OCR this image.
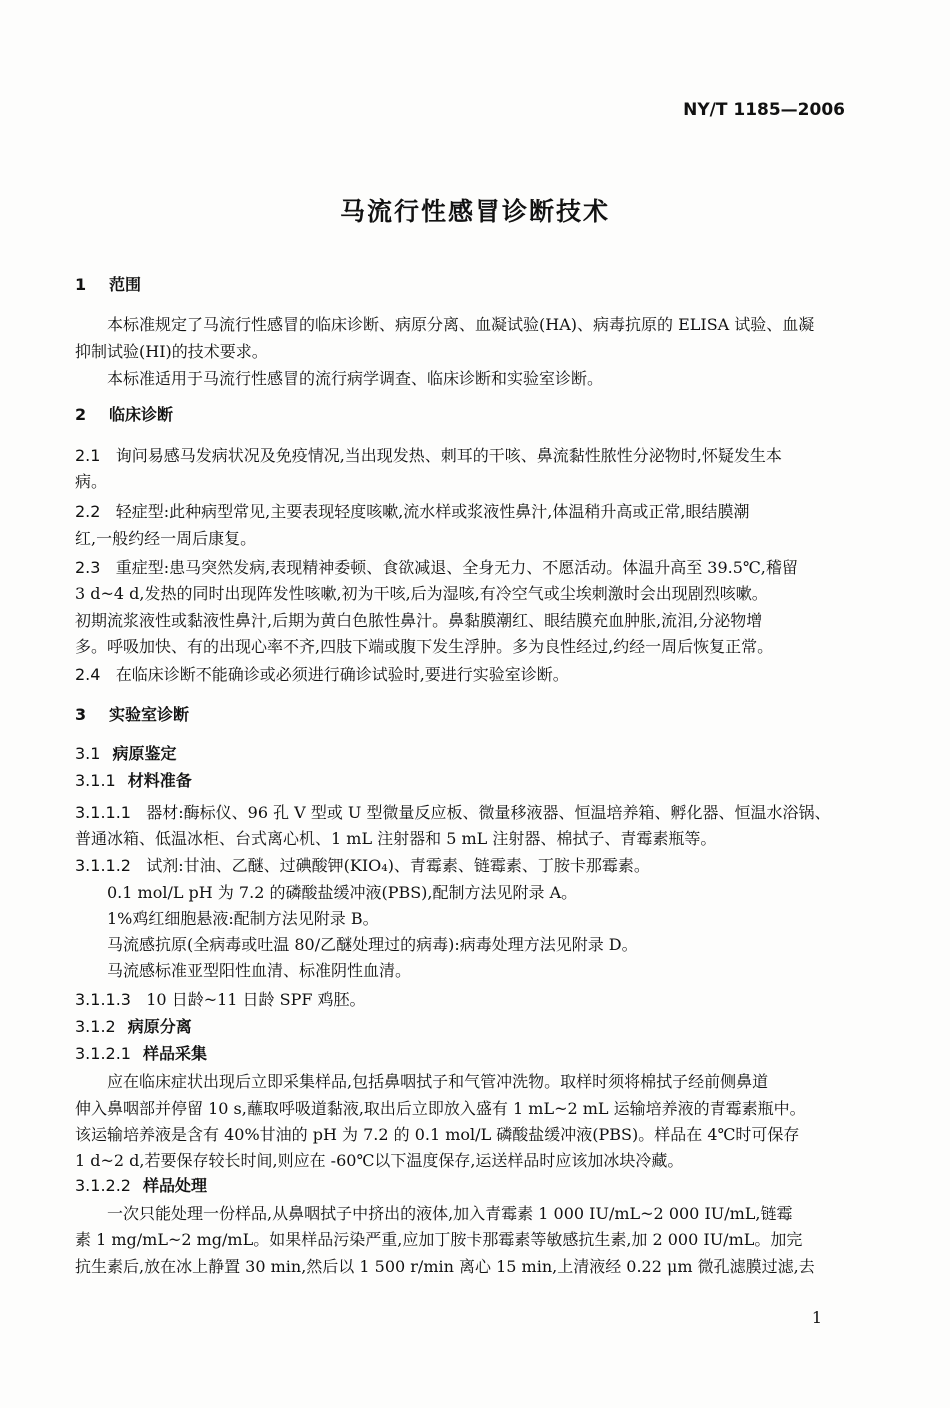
NY/T 1185—2006
马流行性感冒诊断技术
1 范围
本标准规定了马流行性感冒的临床诊断、病原分离、血凝试验(HA)、病毒抗原的 ELISA 试验、血凝
抑制试验(HI)的技术要求。
本标准适用于马流行性感冒的流行病学调查、临床诊断和实验室诊断。
2 临床诊断
2.1 询问易感马发病状况及免疫情况,当出现发热、刺耳的干咳、鼻流黏性脓性分泌物时,怀疑发生本
病。
2.2 轻症型:此种病型常见,主要表现轻度咳嗽,流水样或浆液性鼻汁,体温稍升高或正常,眼结膜潮
红,一般约经一周后康复。
2.3 重症型:患马突然发病,表现精神委顿、食欲减退、全身无力、不愿活动。体温升高至 39.5℃,稽留
3 d~4 d,发热的同时出现阵发性咳嗽,初为干咳,后为湿咳,有冷空气或尘埃刺激时会出现剧烈咳嗽。
初期流浆液性或黏液性鼻汁,后期为黄白色脓性鼻汁。鼻黏膜潮红、眼结膜充血肿胀,流泪,分泌物增
多。呼吸加快、有的出现心率不齐,四肢下端或腹下发生浮肿。多为良性经过,约经一周后恢复正常。
2.4 在临床诊断不能确诊或必须进行确诊试验时,要进行实验室诊断。
3 实验室诊断
3.1 病原鉴定
3.1.1 材料准备
3.1.1.1 器材:酶标仪、96 孔 V 型或 U 型微量反应板、微量移液器、恒温培养箱、孵化器、恒温水浴锅、
普通冰箱、低温冰柜、台式离心机、1 mL 注射器和 5 mL 注射器、棉拭子、青霉素瓶等。
3.1.1.2 试剂:甘油、乙醚、过碘酸钾(KIO₄)、青霉素、链霉素、丁胺卡那霉素。
0.1 mol/L pH 为 7.2 的磷酸盐缓冲液(PBS),配制方法见附录 A。
1%鸡红细胞悬液:配制方法见附录 B。
马流感抗原(全病毒或吐温 80/乙醚处理过的病毒):病毒处理方法见附录 D。
马流感标准亚型阳性血清、标准阴性血清。
3.1.1.3 10 日龄~11 日龄 SPF 鸡胚。
3.1.2 病原分离
3.1.2.1 样品采集
应在临床症状出现后立即采集样品,包括鼻咽拭子和气管冲洗物。取样时须将棉拭子经前侧鼻道
伸入鼻咽部并停留 10 s,蘸取呼吸道黏液,取出后立即放入盛有 1 mL~2 mL 运输培养液的青霉素瓶中。
该运输培养液是含有 40%甘油的 pH 为 7.2 的 0.1 mol/L 磷酸盐缓冲液(PBS)。样品在 4℃时可保存
1 d~2 d,若要保存较长时间,则应在 -60℃以下温度保存,运送样品时应该加冰块冷藏。
3.1.2.2 样品处理
一次只能处理一份样品,从鼻咽拭子中挤出的液体,加入青霉素 1 000 IU/mL~2 000 IU/mL,链霉
素 1 mg/mL~2 mg/mL。如果样品污染严重,应加丁胺卡那霉素等敏感抗生素,加 2 000 IU/mL。加完
抗生素后,放在冰上静置 30 min,然后以 1 500 r/min 离心 15 min,上清液经 0.22 μm 微孔滤膜过滤,去
1
